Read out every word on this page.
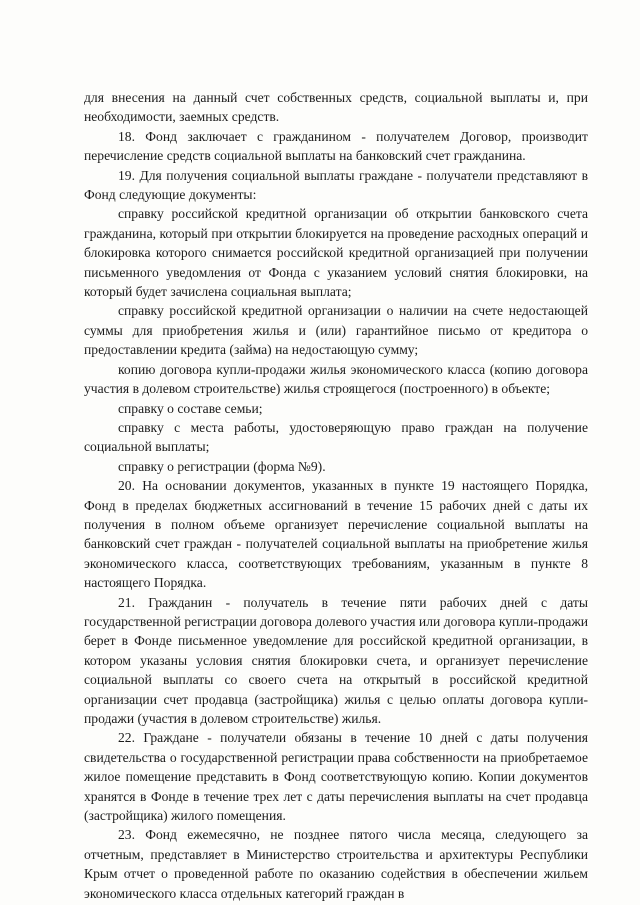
для внесения на данный счет собственных средств, социальной выплаты и, при необходимости, заемных средств.

18. Фонд заключает с гражданином - получателем Договор, производит перечисление средств социальной выплаты на банковский счет гражданина.

19. Для получения социальной выплаты граждане - получатели представляют в Фонд следующие документы:

справку российской кредитной организации об открытии банковского счета гражданина, который при открытии блокируется на проведение расходных операций и блокировка которого снимается российской кредитной организацией при получении письменного уведомления от Фонда с указанием условий снятия блокировки, на который будет зачислена социальная выплата;

справку российской кредитной организации о наличии на счете недостающей суммы для приобретения жилья и (или) гарантийное письмо от кредитора о предоставлении кредита (займа) на недостающую сумму;

копию договора купли-продажи жилья экономического класса (копию договора участия в долевом строительстве) жилья строящегося (построенного) в объекте;

справку о составе семьи;

справку с места работы, удостоверяющую право граждан на получение социальной выплаты;

справку о регистрации (форма №9).

20. На основании документов, указанных в пункте 19 настоящего Порядка, Фонд в пределах бюджетных ассигнований в течение 15 рабочих дней с даты их получения в полном объеме организует перечисление социальной выплаты на банковский счет граждан - получателей социальной выплаты на приобретение жилья экономического класса, соответствующих требованиям, указанным в пункте 8 настоящего Порядка.

21. Гражданин - получатель в течение пяти рабочих дней с даты государственной регистрации договора долевого участия или договора купли-продажи берет в Фонде письменное уведомление для российской кредитной организации, в котором указаны условия снятия блокировки счета, и организует перечисление социальной выплаты со своего счета на открытый в российской кредитной организации счет продавца (застройщика) жилья с целью оплаты договора купли-продажи (участия в долевом строительстве) жилья.

22. Граждане - получатели обязаны в течение 10 дней с даты получения свидетельства о государственной регистрации права собственности на приобретаемое жилое помещение представить в Фонд соответствующую копию. Копии документов хранятся в Фонде в течение трех лет с даты перечисления выплаты на счет продавца (застройщика) жилого помещения.

23. Фонд ежемесячно, не позднее пятого числа месяца, следующего за отчетным, представляет в Министерство строительства и архитектуры Республики Крым отчет о проведенной работе по оказанию содействия в обеспечении жильем экономического класса отдельных категорий граждан в
